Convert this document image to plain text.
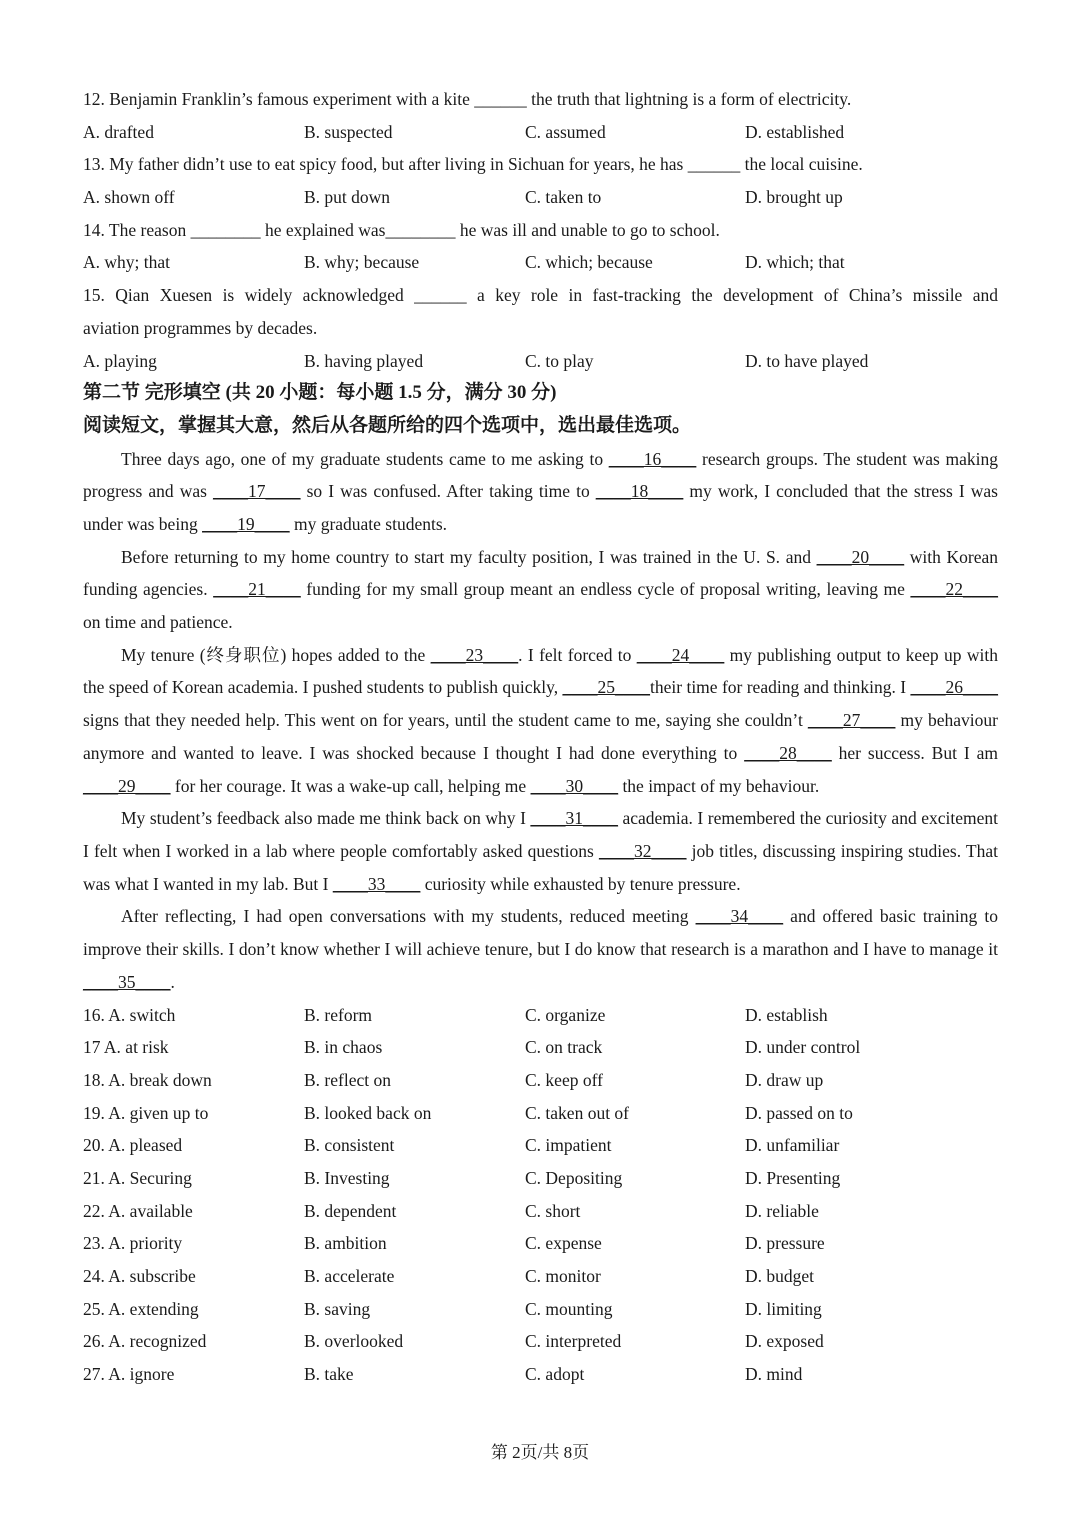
12. Benjamin Franklin’s famous experiment with a kite ______ the truth that lightning is a form of electricity.
A. drafted	B. suspected	C. assumed	D. established
13. My father didn’t use to eat spicy food, but after living in Sichuan for years, he has ______ the local cuisine.
A. shown off	B. put down	C. taken to	D. brought up
14. The reason ________ he explained was________ he was ill and unable to go to school.
A. why; that	B. why; because	C. which; because	D. which; that
15. Qian Xuesen is widely acknowledged ______ a key role in fast-tracking the development of China’s missile and
aviation programmes by decades.
A. playing	B. having played	C. to play	D. to have played
第二节 完形填空 (共 20 小题：每小题 1.5 分，满分 30 分)
阅读短文，掌握其大意，然后从各题所给的四个选项中，选出最佳选项。

Three days ago, one of my graduate students came to me asking to ____16____ research groups. The student was making progress and was ____17____ so I was confused. After taking time to ____18____ my work, I concluded that the stress I was under was being ____19____ my graduate students.

Before returning to my home country to start my faculty position, I was trained in the U. S. and ____20____ with Korean funding agencies. ____21____ funding for my small group meant an endless cycle of proposal writing, leaving me ____22____ on time and patience.

My tenure (终身职位) hopes added to the ____23____. I felt forced to ____24____ my publishing output to keep up with the speed of Korean academia. I pushed students to publish quickly, ____25____their time for reading and thinking. I ____26____ signs that they needed help. This went on for years, until the student came to me, saying she couldn’t ____27____ my behaviour anymore and wanted to leave. I was shocked because I thought I had done everything to ____28____ her success. But I am ____29____ for her courage. It was a wake-up call, helping me ____30____ the impact of my behaviour.

My student’s feedback also made me think back on why I ____31____ academia. I remembered the curiosity and excitement I felt when I worked in a lab where people comfortably asked questions ____32____ job titles, discussing inspiring studies. That was what I wanted in my lab. But I ____33____ curiosity while exhausted by tenure pressure.

After reflecting, I had open conversations with my students, reduced meeting ____34____ and offered basic training to improve their skills. I don’t know whether I will achieve tenure, but I do know that research is a marathon and I have to manage it ____35____.

16. A. switch	B. reform	C. organize	D. establish
17 A. at risk	B. in chaos	C. on track	D. under control
18. A. break down	B. reflect on	C. keep off	D. draw up
19. A. given up to	B. looked back on	C. taken out of	D. passed on to
20. A. pleased	B. consistent	C. impatient	D. unfamiliar
21. A. Securing	B. Investing	C. Depositing	D. Presenting
22. A. available	B. dependent	C. short	D. reliable
23. A. priority	B. ambition	C. expense	D. pressure
24. A. subscribe	B. accelerate	C. monitor	D. budget
25. A. extending	B. saving	C. mounting	D. limiting
26. A. recognized	B. overlooked	C. interpreted	D. exposed
27. A. ignore	B. take	C. adopt	D. mind
第 2页/共 8页
